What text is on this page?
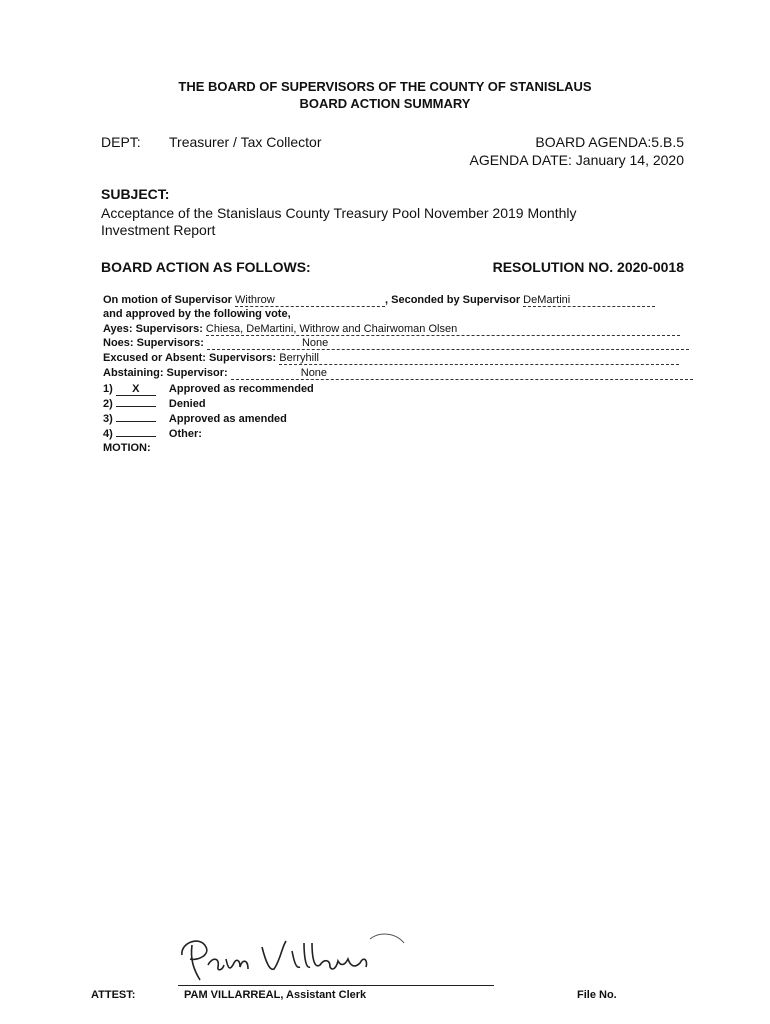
THE BOARD OF SUPERVISORS OF THE COUNTY OF STANISLAUS
BOARD ACTION SUMMARY
DEPT: Treasurer / Tax Collector	BOARD AGENDA:5.B.5
AGENDA DATE: January 14, 2020
SUBJECT:
Acceptance of the Stanislaus County Treasury Pool November 2019 Monthly
Investment Report
BOARD ACTION AS FOLLOWS:	RESOLUTION NO. 2020-0018
On motion of Supervisor Withrow	, Seconded by Supervisor DeMartini
and approved by the following vote,
Ayes: Supervisors: Chiesa, DeMartini, Withrow and Chairwoman Olsen
Noes: Supervisors:	None
Excused or Absent: Supervisors: Berryhill
Abstaining: Supervisor:	None
1) X	Approved as recommended
2)	Denied
3)	Approved as amended
4)	Other:
MOTION:
ATTEST:	PAM VILLARREAL, Assistant Clerk	File No.
